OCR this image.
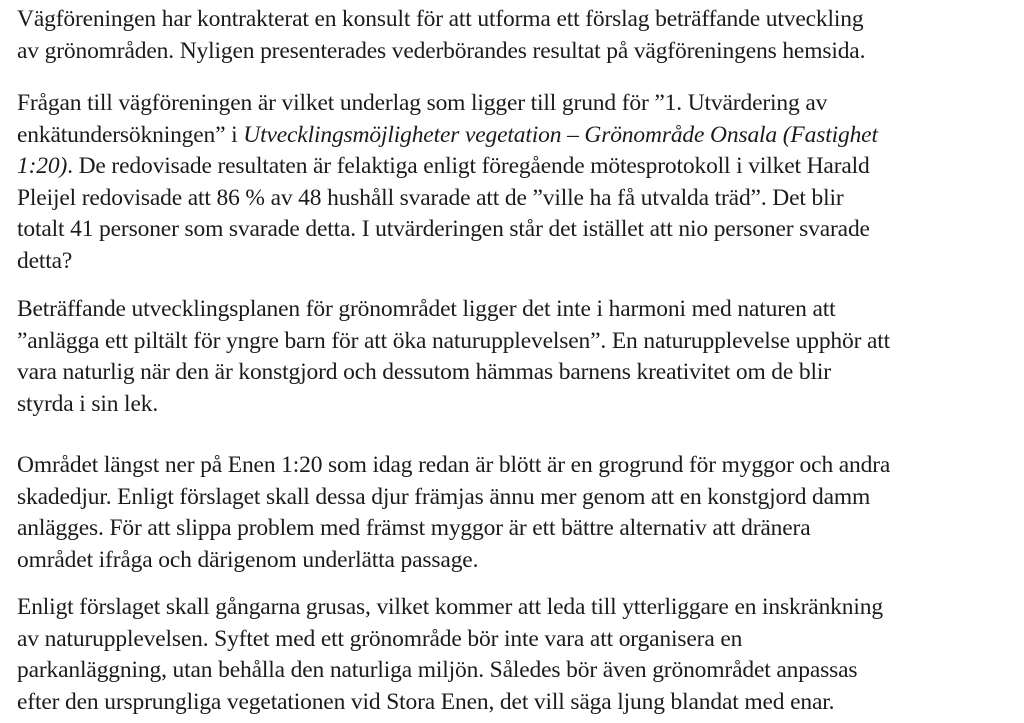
Vägföreningen har kontrakterat en konsult för att utforma ett förslag beträffande utveckling
av grönområden. Nyligen presenterades vederbörandes resultat på vägföreningens hemsida.
Frågan till vägföreningen är vilket underlag som ligger till grund för ”1. Utvärdering av
enkätundersökningen” i Utvecklingsmöjligheter vegetation – Grönområde Onsala (Fastighet
1:20). De redovisade resultaten är felaktiga enligt föregående mötesprotokoll i vilket Harald
Pleijel redovisade att 86 % av 48 hushåll svarade att de ”ville ha få utvalda träd”. Det blir
totalt 41 personer som svarade detta. I utvärderingen står det istället att nio personer svarade
detta?
Beträffande utvecklingsplanen för grönområdet ligger det inte i harmoni med naturen att
”anlägga ett piltält för yngre barn för att öka naturupplevelsen”. En naturupplevelse upphör att
vara naturlig när den är konstgjord och dessutom hämmas barnens kreativitet om de blir
styrda i sin lek.
Området längst ner på Enen 1:20 som idag redan är blött är en grogrund för myggor och andra
skadedjur. Enligt förslaget skall dessa djur främjas ännu mer genom att en konstgjord damm
anlägges. För att slippa problem med främst myggor är ett bättre alternativ att dränera
området ifråga och därigenom underlätta passage.
Enligt förslaget skall gångarna grusas, vilket kommer att leda till ytterliggare en inskränkning
av naturupplevelsen. Syftet med ett grönområde bör inte vara att organisera en
parkanläggning, utan behålla den naturliga miljön. Således bör även grönområdet anpassas
efter den ursprungliga vegetationen vid Stora Enen, det vill säga ljung blandat med enar.
